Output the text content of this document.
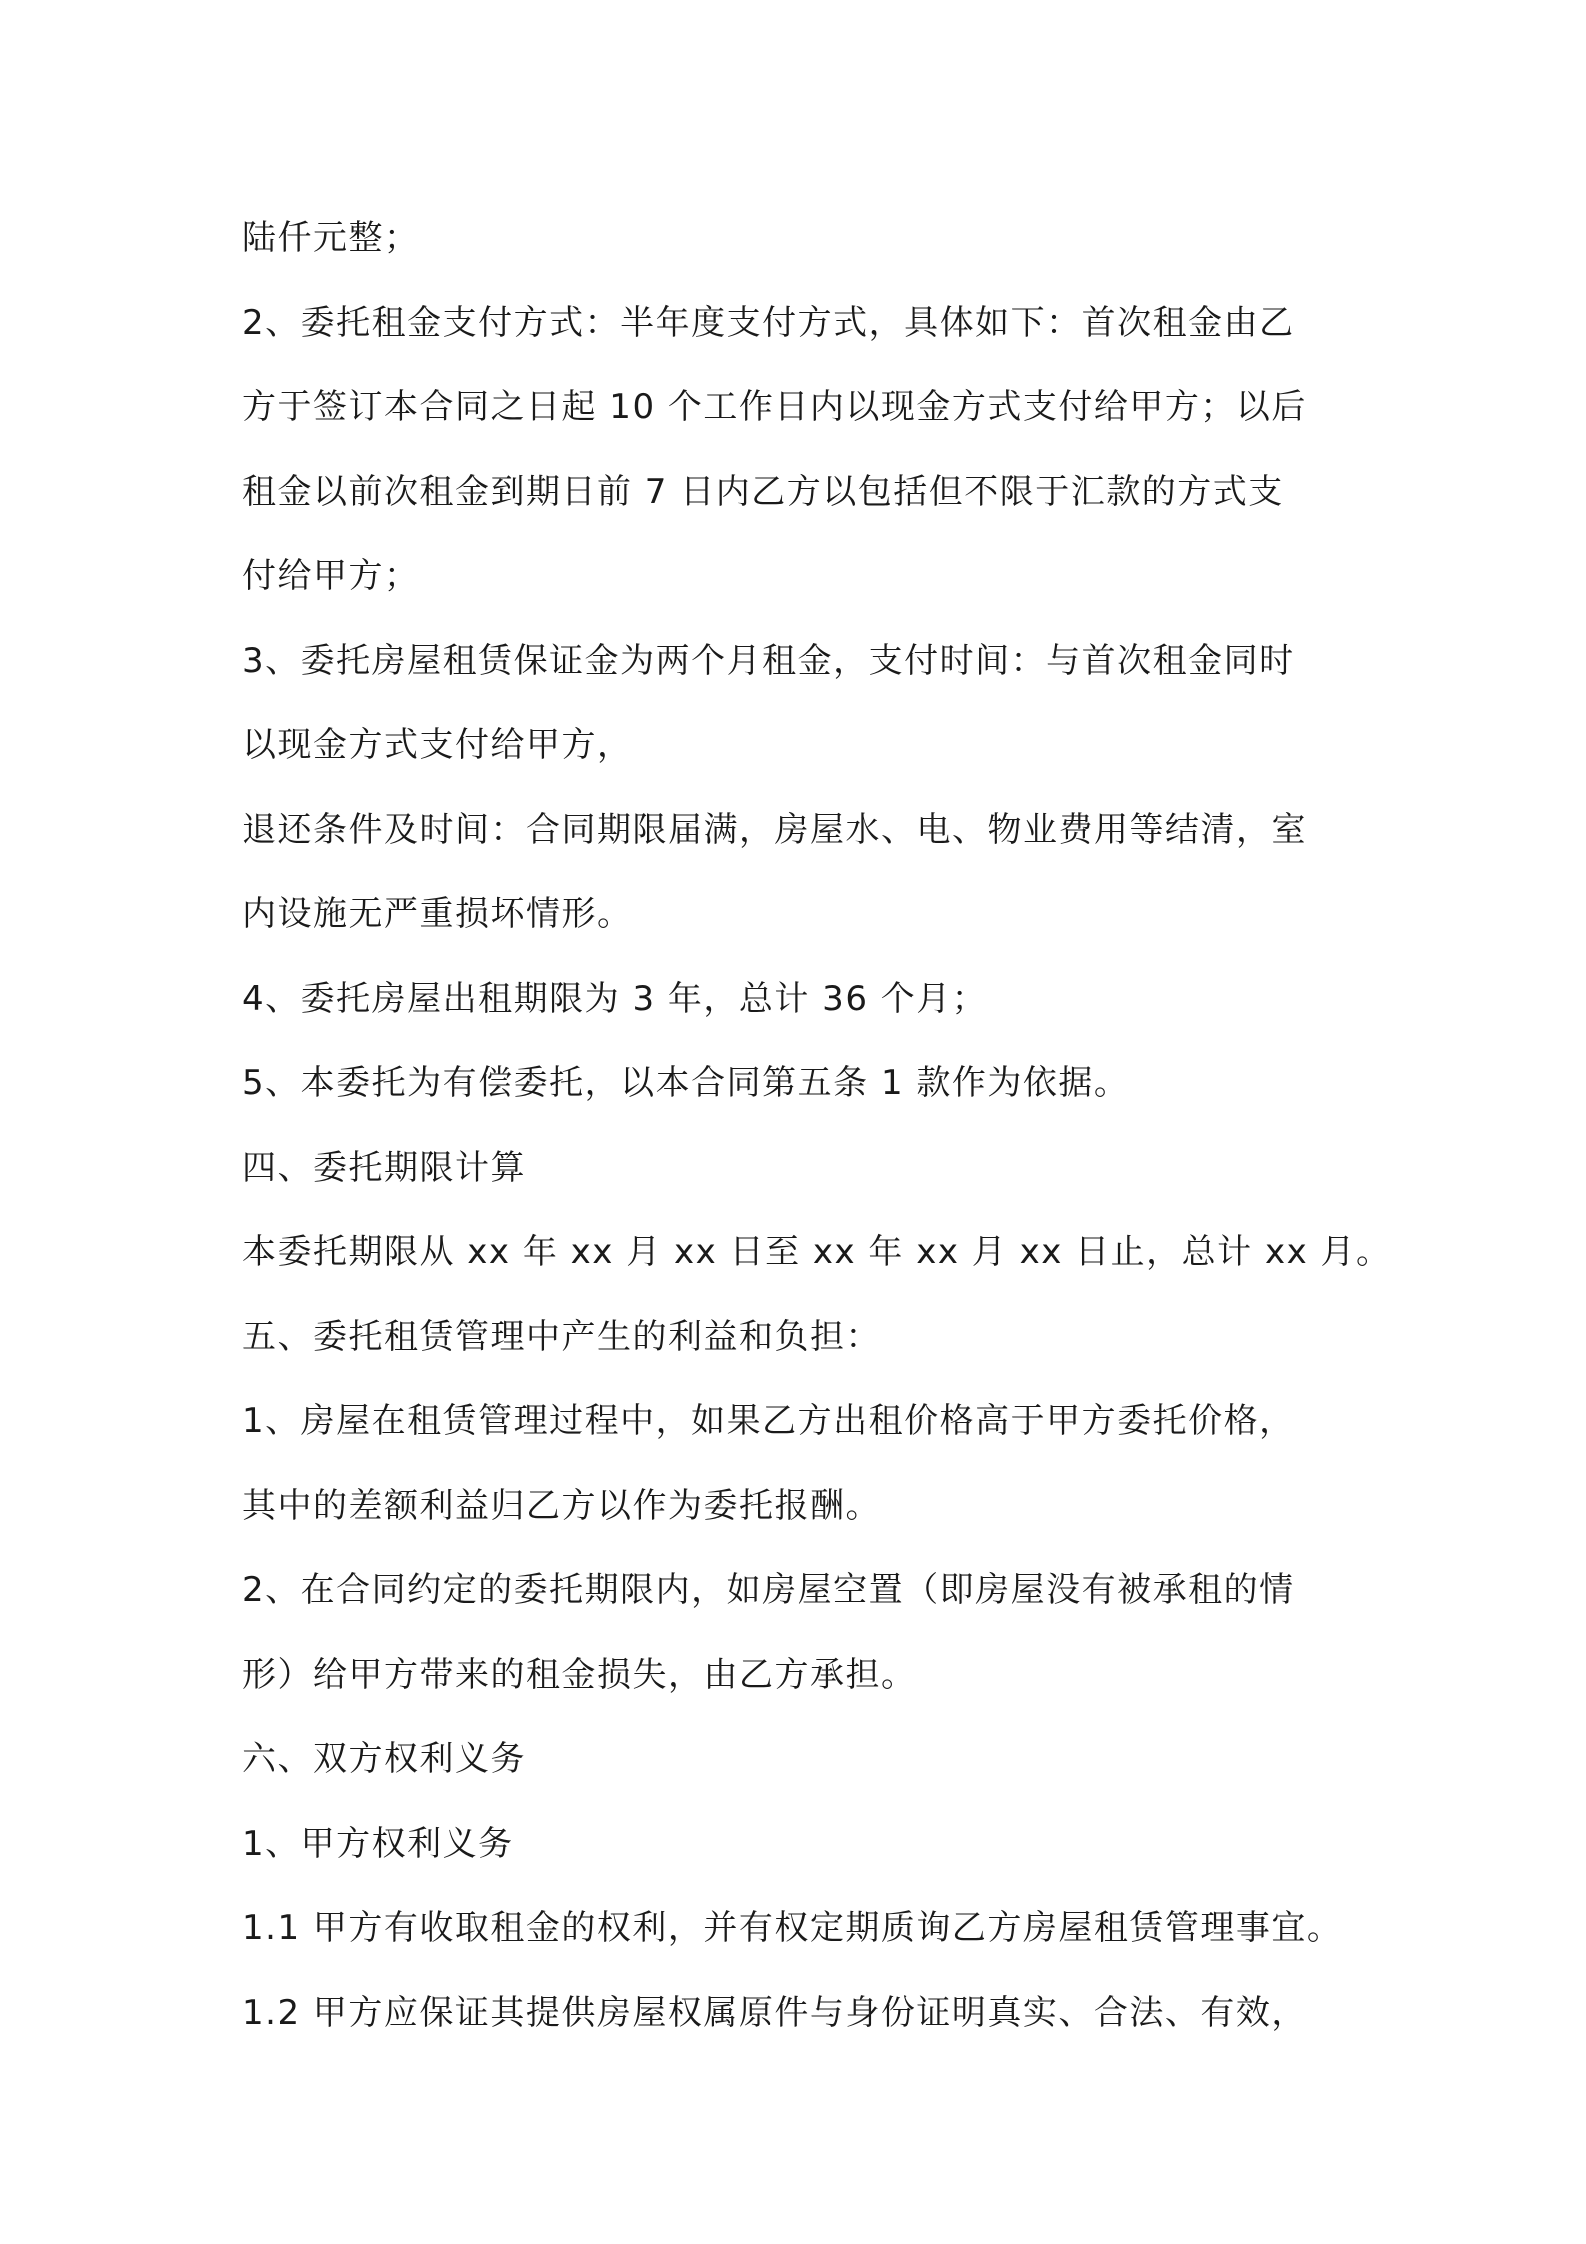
陆仟元整；
2、委托租金支付方式：半年度支付方式，具体如下：首次租金由乙
方于签订本合同之日起 10 个工作日内以现金方式支付给甲方；以后
租金以前次租金到期日前 7 日内乙方以包括但不限于汇款的方式支
付给甲方；
3、委托房屋租赁保证金为两个月租金，支付时间：与首次租金同时
以现金方式支付给甲方，
退还条件及时间：合同期限届满，房屋水、电、物业费用等结清，室
内设施无严重损坏情形。
4、委托房屋出租期限为 3 年，总计 36 个月；
5、本委托为有偿委托，以本合同第五条 1 款作为依据。
四、委托期限计算
本委托期限从 xx 年 xx 月 xx 日至 xx 年 xx 月 xx 日止，总计 xx 月。
五、委托租赁管理中产生的利益和负担：
1、房屋在租赁管理过程中，如果乙方出租价格高于甲方委托价格，
其中的差额利益归乙方以作为委托报酬。
2、在合同约定的委托期限内，如房屋空置（即房屋没有被承租的情
形）给甲方带来的租金损失，由乙方承担。
六、双方权利义务
1、甲方权利义务
1.1 甲方有收取租金的权利，并有权定期质询乙方房屋租赁管理事宜。
1.2 甲方应保证其提供房屋权属原件与身份证明真实、合法、有效，
